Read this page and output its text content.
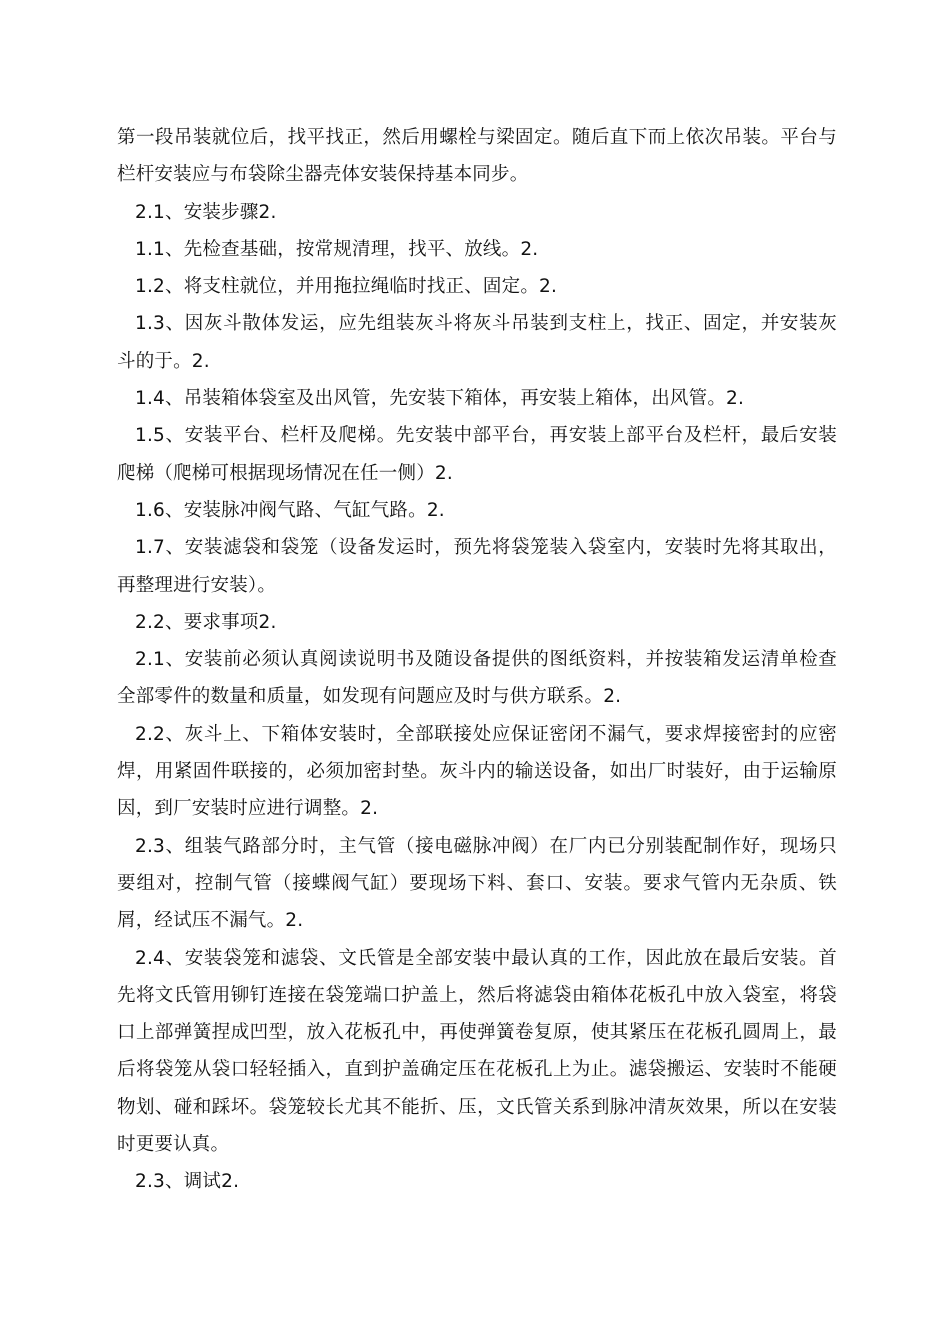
第一段吊装就位后，找平找正，然后用螺栓与梁固定。随后直下而上依次吊装。平台与栏杆安装应与布袋除尘器壳体安装保持基本同步。

2.1、安装步骤2.

1.1、先检查基础，按常规清理，找平、放线。2.

1.2、将支柱就位，并用拖拉绳临时找正、固定。2.

1.3、因灰斗散体发运，应先组装灰斗将灰斗吊装到支柱上，找正、固定，并安装灰斗的于。2.

1.4、吊装箱体袋室及出风管，先安装下箱体，再安装上箱体，出风管。2.

1.5、安装平台、栏杆及爬梯。先安装中部平台，再安装上部平台及栏杆，最后安装爬梯（爬梯可根据现场情况在任一侧）2.

1.6、安装脉冲阀气路、气缸气路。2.

1.7、安装滤袋和袋笼（设备发运时，预先将袋笼装入袋室内，安装时先将其取出，再整理进行安装）。

2.2、要求事项2.

2.1、安装前必须认真阅读说明书及随设备提供的图纸资料，并按装箱发运清单检查全部零件的数量和质量，如发现有问题应及时与供方联系。2.

2.2、灰斗上、下箱体安装时，全部联接处应保证密闭不漏气，要求焊接密封的应密焊，用紧固件联接的，必须加密封垫。灰斗内的输送设备，如出厂时装好，由于运输原因，到厂安装时应进行调整。2.

2.3、组装气路部分时，主气管（接电磁脉冲阀）在厂内已分别装配制作好，现场只要组对，控制气管（接蝶阀气缸）要现场下料、套口、安装。要求气管内无杂质、铁屑，经试压不漏气。2.

2.4、安装袋笼和滤袋、文氏管是全部安装中最认真的工作，因此放在最后安装。首先将文氏管用铆钉连接在袋笼端口护盖上，然后将滤袋由箱体花板孔中放入袋室，将袋口上部弹簧捏成凹型，放入花板孔中，再使弹簧卷复原，使其紧压在花板孔圆周上，最后将袋笼从袋口轻轻插入，直到护盖确定压在花板孔上为止。滤袋搬运、安装时不能硬物划、碰和踩坏。袋笼较长尤其不能折、压，文氏管关系到脉冲清灰效果，所以在安装时更要认真。

2.3、调试2.
